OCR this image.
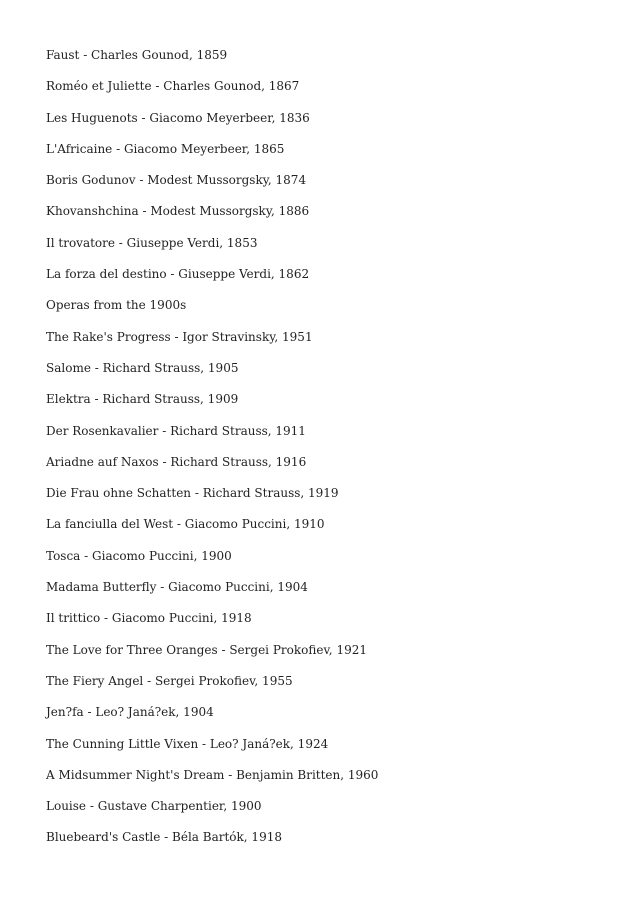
Faust - Charles Gounod, 1859
Roméo et Juliette - Charles Gounod, 1867
Les Huguenots - Giacomo Meyerbeer, 1836
L'Africaine - Giacomo Meyerbeer, 1865
Boris Godunov - Modest Mussorgsky, 1874
Khovanshchina - Modest Mussorgsky, 1886
Il trovatore - Giuseppe Verdi, 1853
La forza del destino - Giuseppe Verdi, 1862
Operas from the 1900s
The Rake's Progress - Igor Stravinsky, 1951
Salome - Richard Strauss, 1905
Elektra - Richard Strauss, 1909
Der Rosenkavalier - Richard Strauss, 1911
Ariadne auf Naxos - Richard Strauss, 1916
Die Frau ohne Schatten - Richard Strauss, 1919
La fanciulla del West - Giacomo Puccini, 1910
Tosca - Giacomo Puccini, 1900
Madama Butterfly - Giacomo Puccini, 1904
Il trittico - Giacomo Puccini, 1918
The Love for Three Oranges - Sergei Prokofiev, 1921
The Fiery Angel - Sergei Prokofiev, 1955
Jen?fa - Leo? Janá?ek, 1904
The Cunning Little Vixen - Leo? Janá?ek, 1924
A Midsummer Night's Dream - Benjamin Britten, 1960
Louise - Gustave Charpentier, 1900
Bluebeard's Castle - Béla Bartók, 1918
